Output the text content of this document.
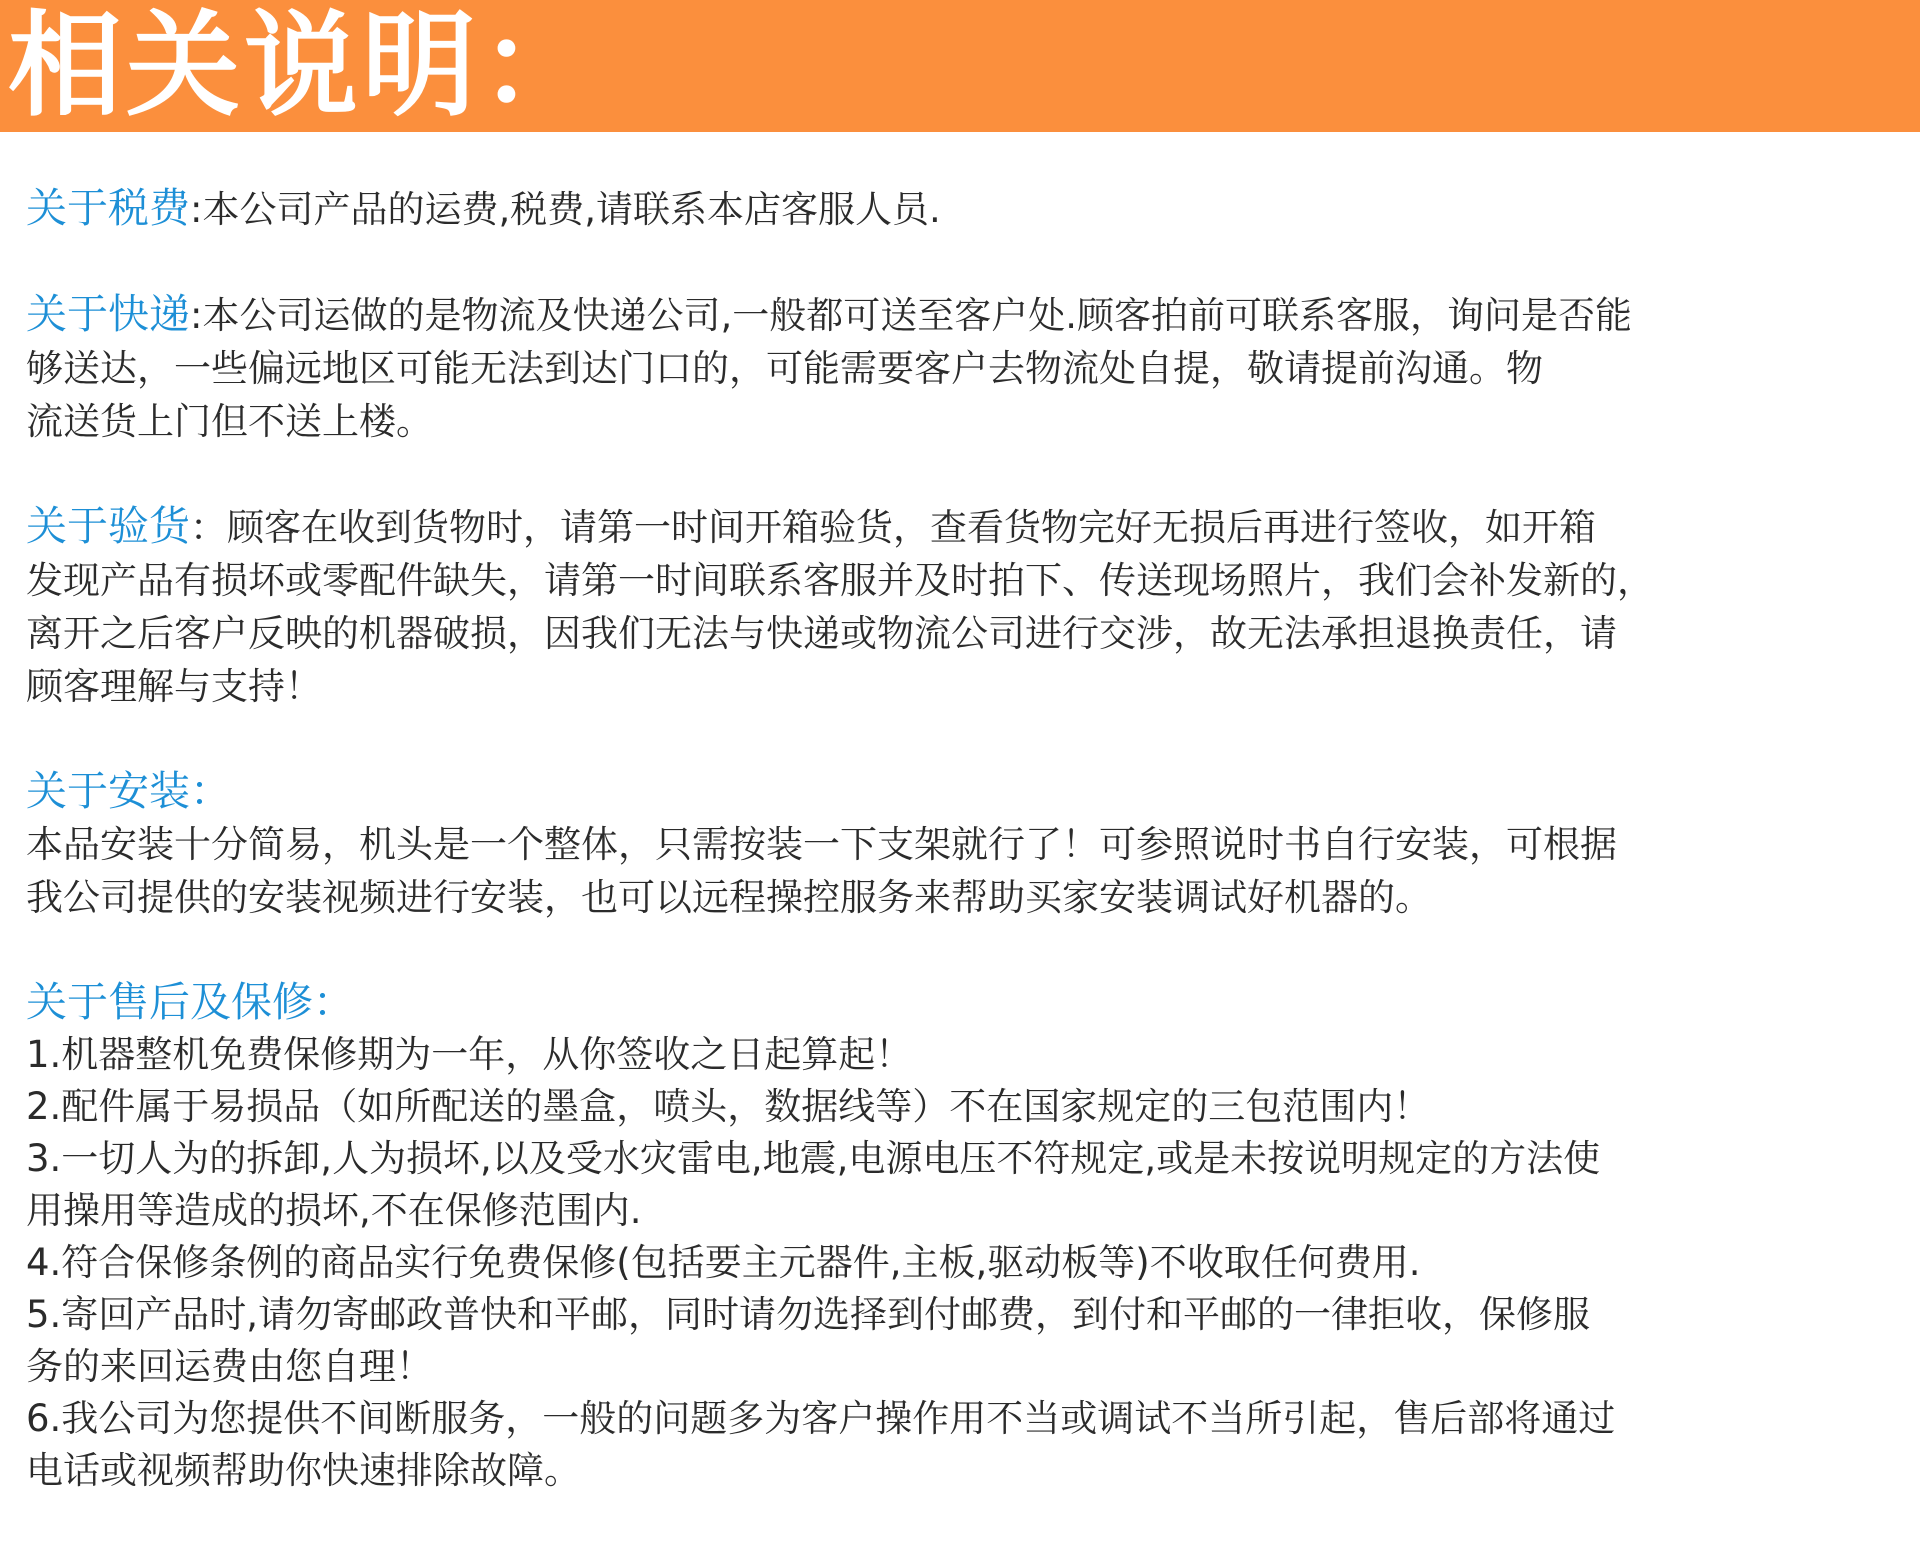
相关说明：

关于税费:本公司产品的运费,税费,请联系本店客服人员.

关于快递:本公司运做的是物流及快递公司,一般都可送至客户处.顾客拍前可联系客服，询问是否能
够送达，一些偏远地区可能无法到达门口的，可能需要客户去物流处自提，敬请提前沟通。物
流送货上门但不送上楼。

关于验货：顾客在收到货物时，请第一时间开箱验货，查看货物完好无损后再进行签收，如开箱
发现产品有损坏或零配件缺失，请第一时间联系客服并及时拍下、传送现场照片，我们会补发新的，
离开之后客户反映的机器破损，因我们无法与快递或物流公司进行交涉，故无法承担退换责任，请
顾客理解与支持！

关于安装：

本品安装十分简易，机头是一个整体，只需按装一下支架就行了！可参照说时书自行安装，可根据
我公司提供的安装视频进行安装，也可以远程操控服务来帮助买家安装调试好机器的。

关于售后及保修：

1.机器整机免费保修期为一年，从你签收之日起算起！

2.配件属于易损品（如所配送的墨盒，喷头，数据线等）不在国家规定的三包范围内！

3.一切人为的拆卸,人为损坏,以及受水灾雷电,地震,电源电压不符规定,或是未按说明规定的方法使
用操用等造成的损坏,不在保修范围内.

4.符合保修条例的商品实行免费保修(包括要主元器件,主板,驱动板等)不收取任何费用.

5.寄回产品时,请勿寄邮政普快和平邮，同时请勿选择到付邮费，到付和平邮的一律拒收，保修服
务的来回运费由您自理！

6.我公司为您提供不间断服务，一般的问题多为客户操作用不当或调试不当所引起，售后部将通过
电话或视频帮助你快速排除故障。
